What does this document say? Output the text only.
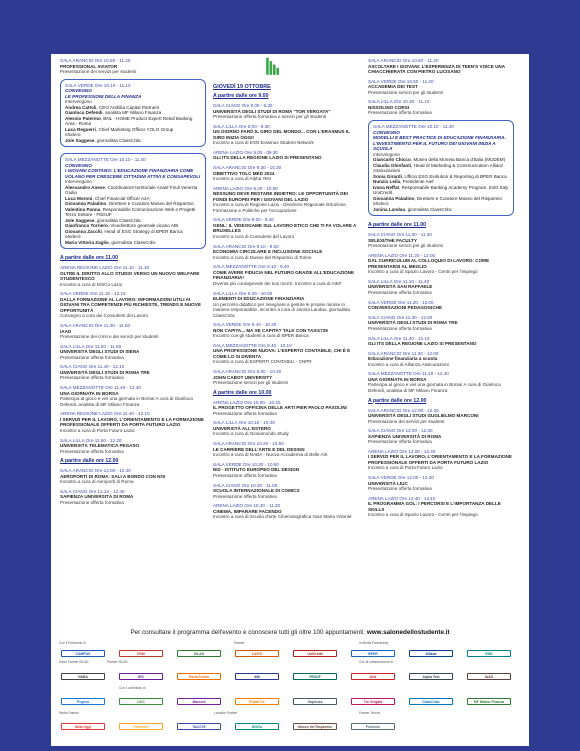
SALA ARANCIO Ore 10.50 - 11.20
PROFESSIONAL AVIATOR
Presentazione dei servizi per studenti
SALA VERDE Ore 10.10 - 11.10
CONVEGNO
LE PROFESSIONI DELLA FINANZA
Intervengono
Andrea Cattoli, CEO Anthilia Capital Partners
Gianluca Defendi, analista MF Milano Finanza
Alessio Palermo, BNL - HOME Product Expert Retail Banking Area - Roma
Luca Reguerri, Chief Marketing Officer YOLO Group
Modera
Jole Saggese, giornalista ClassCnbc
SALA MEZZANOTTE Ore 10.10 - 11.40
CONVEGNO
I GIOVANI CONTANO: L'EDUCAZIONE FINANZIARIA COME VOLANO PER CRESCERE CITTADINI ATTIVI E CONSAPEVOLI
Intervengono
Alessandro Anese, Coordinatore territoriale Anasf Friuli Venezia Giulia
Luca Moroni, Chief Financial Officer A2A
Giovanna Paladino, Direttore e Curatore Museo del Risparmio
Valentina Panna, Responsabile Comunicazione Web e Progetti Terzo Settore - FEDUF
Jole Saggese, giornalista ClassCnbc
Gianfranco Torriero, Vicedirettore generale vicario ABI
Giovanna Zacchi, Head of ESG Strategy di BPER Banca
Moderà
Maria Vittoria Zaglio, giornalista ClassCnbc
A partire dalle ore 11.00
ARENA REGIONE LAZIO Ore 11.10 - 11.40
OLTRE IL DIRITTO ALLO STUDIO VERSO UN NUOVO WELFARE STUDENTESCO
Incontro a cura di DiSCo Lazio
SALA VERDE Ore 11.15 - 12.15
DALLA FORMAZIONE AL LAVORO: INFORMAZIONI UTILI AI GIOVANI TRA COMPETENZE PIÙ RICHIESTE, TRENDS E NUOVE OPPORTUNITÀ
Convegno a cura dei Consulenti del Lavoro
SALA ARANCIO Ore 11.20 - 11.50
IAAD
Presentazione dei corsi e dei servizi per studenti
SALA LILLA Ore 11.20 - 11.50
UNIVERSITÀ DEGLI STUDI DI SIENA
Presentazione offerta formativa
SALA CIANO Ore 11.40 - 12.10
UNIVERSITÀ DEGLI STUDI DI ROMA TRE
Presentazione offerta formativa
SALA MEZZANOTTE Ore 11.40 - 12.40
UNA GIORNATA IN BORSA
Partecipa al gioco e vivi una giornata in Borsa! A cura di Gianluca Defendi, analista di MF Milano Finanza
ARENA REGIONE LAZIO Ore 11.40 - 12.10
I SERVIZI PER IL LAVORO, L'ORIENTAMENTO E LA FORMAZIONE PROFESSIONALE OFFERTI DA PORTA FUTURO LAZIO
Incontro a cura di Porta Futuro Lazio
SALA LILLA Ore 11.50 - 12.20
UNIVERSITÀ TELEMATICA PEGASO
Presentazione offerta formativa
A partire dalle ore 12.00
SALA ARANCIO Ore 12.00 - 12.40
AEROPORTI DI ROMA: SALI A BORDO CON NOI
Incontro a cura di Aeroporti di Roma
SALA CIANO Ore 12.10 - 12.40
SAPIENZA UNIVERSITÀ DI ROMA
Presentazione offerta formativa
GIOVEDÌ 19 OTTOBRE
A partire dalle ore 9.00
SALA CIANO Ore 9.00 - 9.30
UNIVERSITÀ DEGLI STUDI DI ROMA "TOR VERGATA"
Presentazione offerta formativa e servizi per gli studenti
SALA LILLA Ore 9.00 - 9.30
UN GIORNO FARÒ IL GIRO DEL MONDO... CON L'ERASMUS IL GIRO INIZIA OGGI!
Incontro a cura di ESN Erasmus Student Network
ARENA LAZIO Ore 9.00 - 09.30
GLI ITS DELLA REGIONE LAZIO SI PRESENTANO
SALA ARANCIO Ore 9.30 - 10.30
OBIETTIVO TOLC MED 2024
Incontro a cura di Alpha Test
ARENA LAZIO Ore 9.30 - 10.00
NESSUNO DEVE RESTARE INDIETRO: LE OPPORTUNITÀ DEI FONDI EUROPEI PER I GIOVANI DEL LAZIO
Incontro a cura di Regione Lazio - Direzione Regionale Istruzione, Formazione e Politiche per l'occupazione
SALA VERDE Ore 9.00 - 9.40
GENL: IL VIDEOGAME SUL LAVORO ETICO CHE TI FA VOLARE A BRUXELLES
Incontro a cura di Consulenti del Lavoro
SALA ARANCIO Ore 9.10 - 9.50
ECONOMIA CIRCOLARE E INCLUSIONE SOCIALE
Incontro a cura di Museo del Risparmio di Torino
SALA MEZZANOTTE Ore 9.10 - 9.40
COME AVERE FIDUCIA NEL FUTURO GRAZIE ALL'EDUCAZIONE FINANZIARIA!
Diventa più consapevole dei tuoi mezzi. Incontro a cura di AIEF
SALA LILLA Ore 9.30 - 10.00
ELEMENTI DI EDUCAZIONE FINANZIARIA
Un percorso didattico per insegnare a gestire le proprie risorse in maniera responsabile. Incontro a cura di Janina Landau, giornalista ClassCnbc
SALA VERDE Ore 9.40 - 10.20
NON CAPITA... MA SE CAPITA? TALK CON TAXI1729
Incontro con gli studenti a cura di BPER Banca
SALA MEZZANOTTE Ore 9.40 - 10.10
UNA PROFESSIONE NUOVA: L'ESPERTO CONTABILE, CHI È E COME LO SI DIVENTA
Incontro a cura di ESPERTI CONTABILI - CNPR
SALA ARANCIO Ore 9.50 - 10.20
JOHN CABOT UNIVERSITY
Presentazione servizi per gli studenti
A partire dalle ore 10.00
ARENA LAZIO Ore 10.00 - 10.40
IL PROGETTO OFFICINA DELLE ARTI PIER PAOLO PASOLINI
Presentazione offerta formativa
SALA LILLA Ore 10.10 - 10.40
UNIVERSITÀ ALL'ESTERO
Incontro a cura di Giosamondo Study
SALA ARANCIO Ore 10.20 - 10.50
LE CARRIERE DELL'ARTE E DEL DESIGN
Incontro a cura di NABA - Nuova Accademia di Belle Arti
SALA VERDE Ore 10.20 - 10.50
IED - ISTITUTO EUROPEO DEL DESIGN
Presentazione offerta formativa
SALA CIANO Ore 10.30 - 11.00
SCUOLA INTERNAZIONALE DI COMICS
Presentazione offerta formativa
ARENA LAZIO Ore 10.40 - 11.20
CINEMA, IMPARARE FACENDO
Incontro a cura di Scuola d'arte Cinematografica Gian Maria Volonté
SALA ARANCIO Ore 10.50 - 11.20
ASCOLTARE I GIOVANI: L'ESPERIENZA DI TEEN'S VOICE UNA CHIACCHIERATA CON PIETRO LUCISANO
SALA VERDE Ore 10.50 - 11.20
ACCADEMIA DEI TEST
Presentazione servizi per gli studenti
SALA LILLA Ore 10.40 - 11.10
NISSOLINO CORSI
Presentazione offerta formativa
SALA MEZZANOTTE Ore 10.10 - 11.40
CONVEGNO
MODELLI E BEST PRACTICE DI EDUCAZIONE FINANZIARIA. L'INVESTIMENTO PER IL FUTURO DEI GIOVANI INIZIA A SCUOLA
Intervengono
Giancarlo Chicco, Museo della Moneta Banca d'Italia (MUDEM)
Claudia Ghinfanti, Head of Marketing & Communication Allianz Assicurazioni
Sonia Girardi, Ufficio ESG Evolution & Reporting di BPER Banca
Nunzio Leila, Presidente Aief
Ivana Neffat, Responsabile Banking Academy Program, ESG Italy UniCredit
Giovanna Paladino, Direttore e Curatore Museo del Risparmio
Modera
Janina Landau, giornalista ClassCnbc
A partire dalle ore 11.00
SALA CIANO Ore 11.00 - 11.30
SELEXI/THE FACULTY
Presentazione servizi per gli studenti
ARENA LAZIO Ore 11.20 - 12.00
DAL CURRICULUM AL COLLOQUIO DI LAVORO: COME PRESENTARSI AL MEGLIO
Incontro a cura di Spazio Lavoro - Centri per l'impiego
SALA LILLA Ore 11.10 - 11.40
UNIVERSITÀ SAN RAFFAELE
Presentazione offerta formativa
SALA VERDE Ore 11.20 - 12.00
CONVERSAZIONI PEDAGOGICHE
SALA CIANO Ore 11.30 - 12.00
UNIVERSITÀ DEGLI STUDI DI ROMA TRE
Presentazione offerta formativa
SALA LILLA Ore 11.40 - 12.10
GLI ITS DELLA REGIONE LAZIO SI PRESENTANO
SALA ARANCIO Ore 11.20 - 12.00
Educazione finanziaria a scuola
Incontro a cura di Allianza Assicurazioni
SALA MEZZANOTTE Ore 11.40 - 12.40
UNA GIORNATA IN BORSA
Partecipa al gioco e vivi una giornata in Borsa! A cura di Gianluca Defendi, analista di MF Milano Finanza
A partire dalle ore 12.00
SALA ARANCIO Ore 12.00 - 12.30
UNIVERSITÀ DEGLI STUDI GUGLIELMO MARCONI
Presentazione dei servizi per studenti
SALA CIANO Ore 12.00 - 12.30
SAPIENZA UNIVERSITÀ DI ROMA
Presentazione offerta formativa
ARENA LAZIO Ore 12.00 - 12.40
I SERVIZI PER IL LAVORO, L'ORIENTAMENTO E LA FORMAZIONE PROFESSIONALE OFFERTI DA PORTA FUTURO LAZIO
Incontro a cura di Porta Futuro Lazio
SALA VERDE Ore 12.00 - 12.30
UNIVERSITÀ LIUC
Presentazione offerta formativa
ARENA LAZIO Ore 12.40 - 13.10
IL PROGRAMMA GOL: I PERCORSI E L'IMPORTANZA DELLE SKILLS
Incontro a cura di Spazio Lavoro - Centri per l'impiego
Per consultare il programma dell'evento e conoscere tutti gli oltre 100 appuntamenti: www.salonedellostudente.it
Con il Patrocinio di	Partner	In Media Partnership
Silver Partner ISLAN	Partner ISLAN	Con la collaborazione di
Con il contributo di
Media Partner	Location Partner	Partner Tecnici
CAMPUS	RSM	ISLAN	LAZIO	UniCredit	BPER	Allianz	ESN
NABA	IED	Porta Futuro	ABI	FEDUF	A2A	Alpha Test	IAAD
Pegaso	LIUC	Marconi	Roma Tre	Sapienza	Tor Vergata	ClassCnbc	MF Milano Finanza
Italia Oggi	Pokémon	Tax1729	DiSCo	Museo del Risparmio	Polimoni
